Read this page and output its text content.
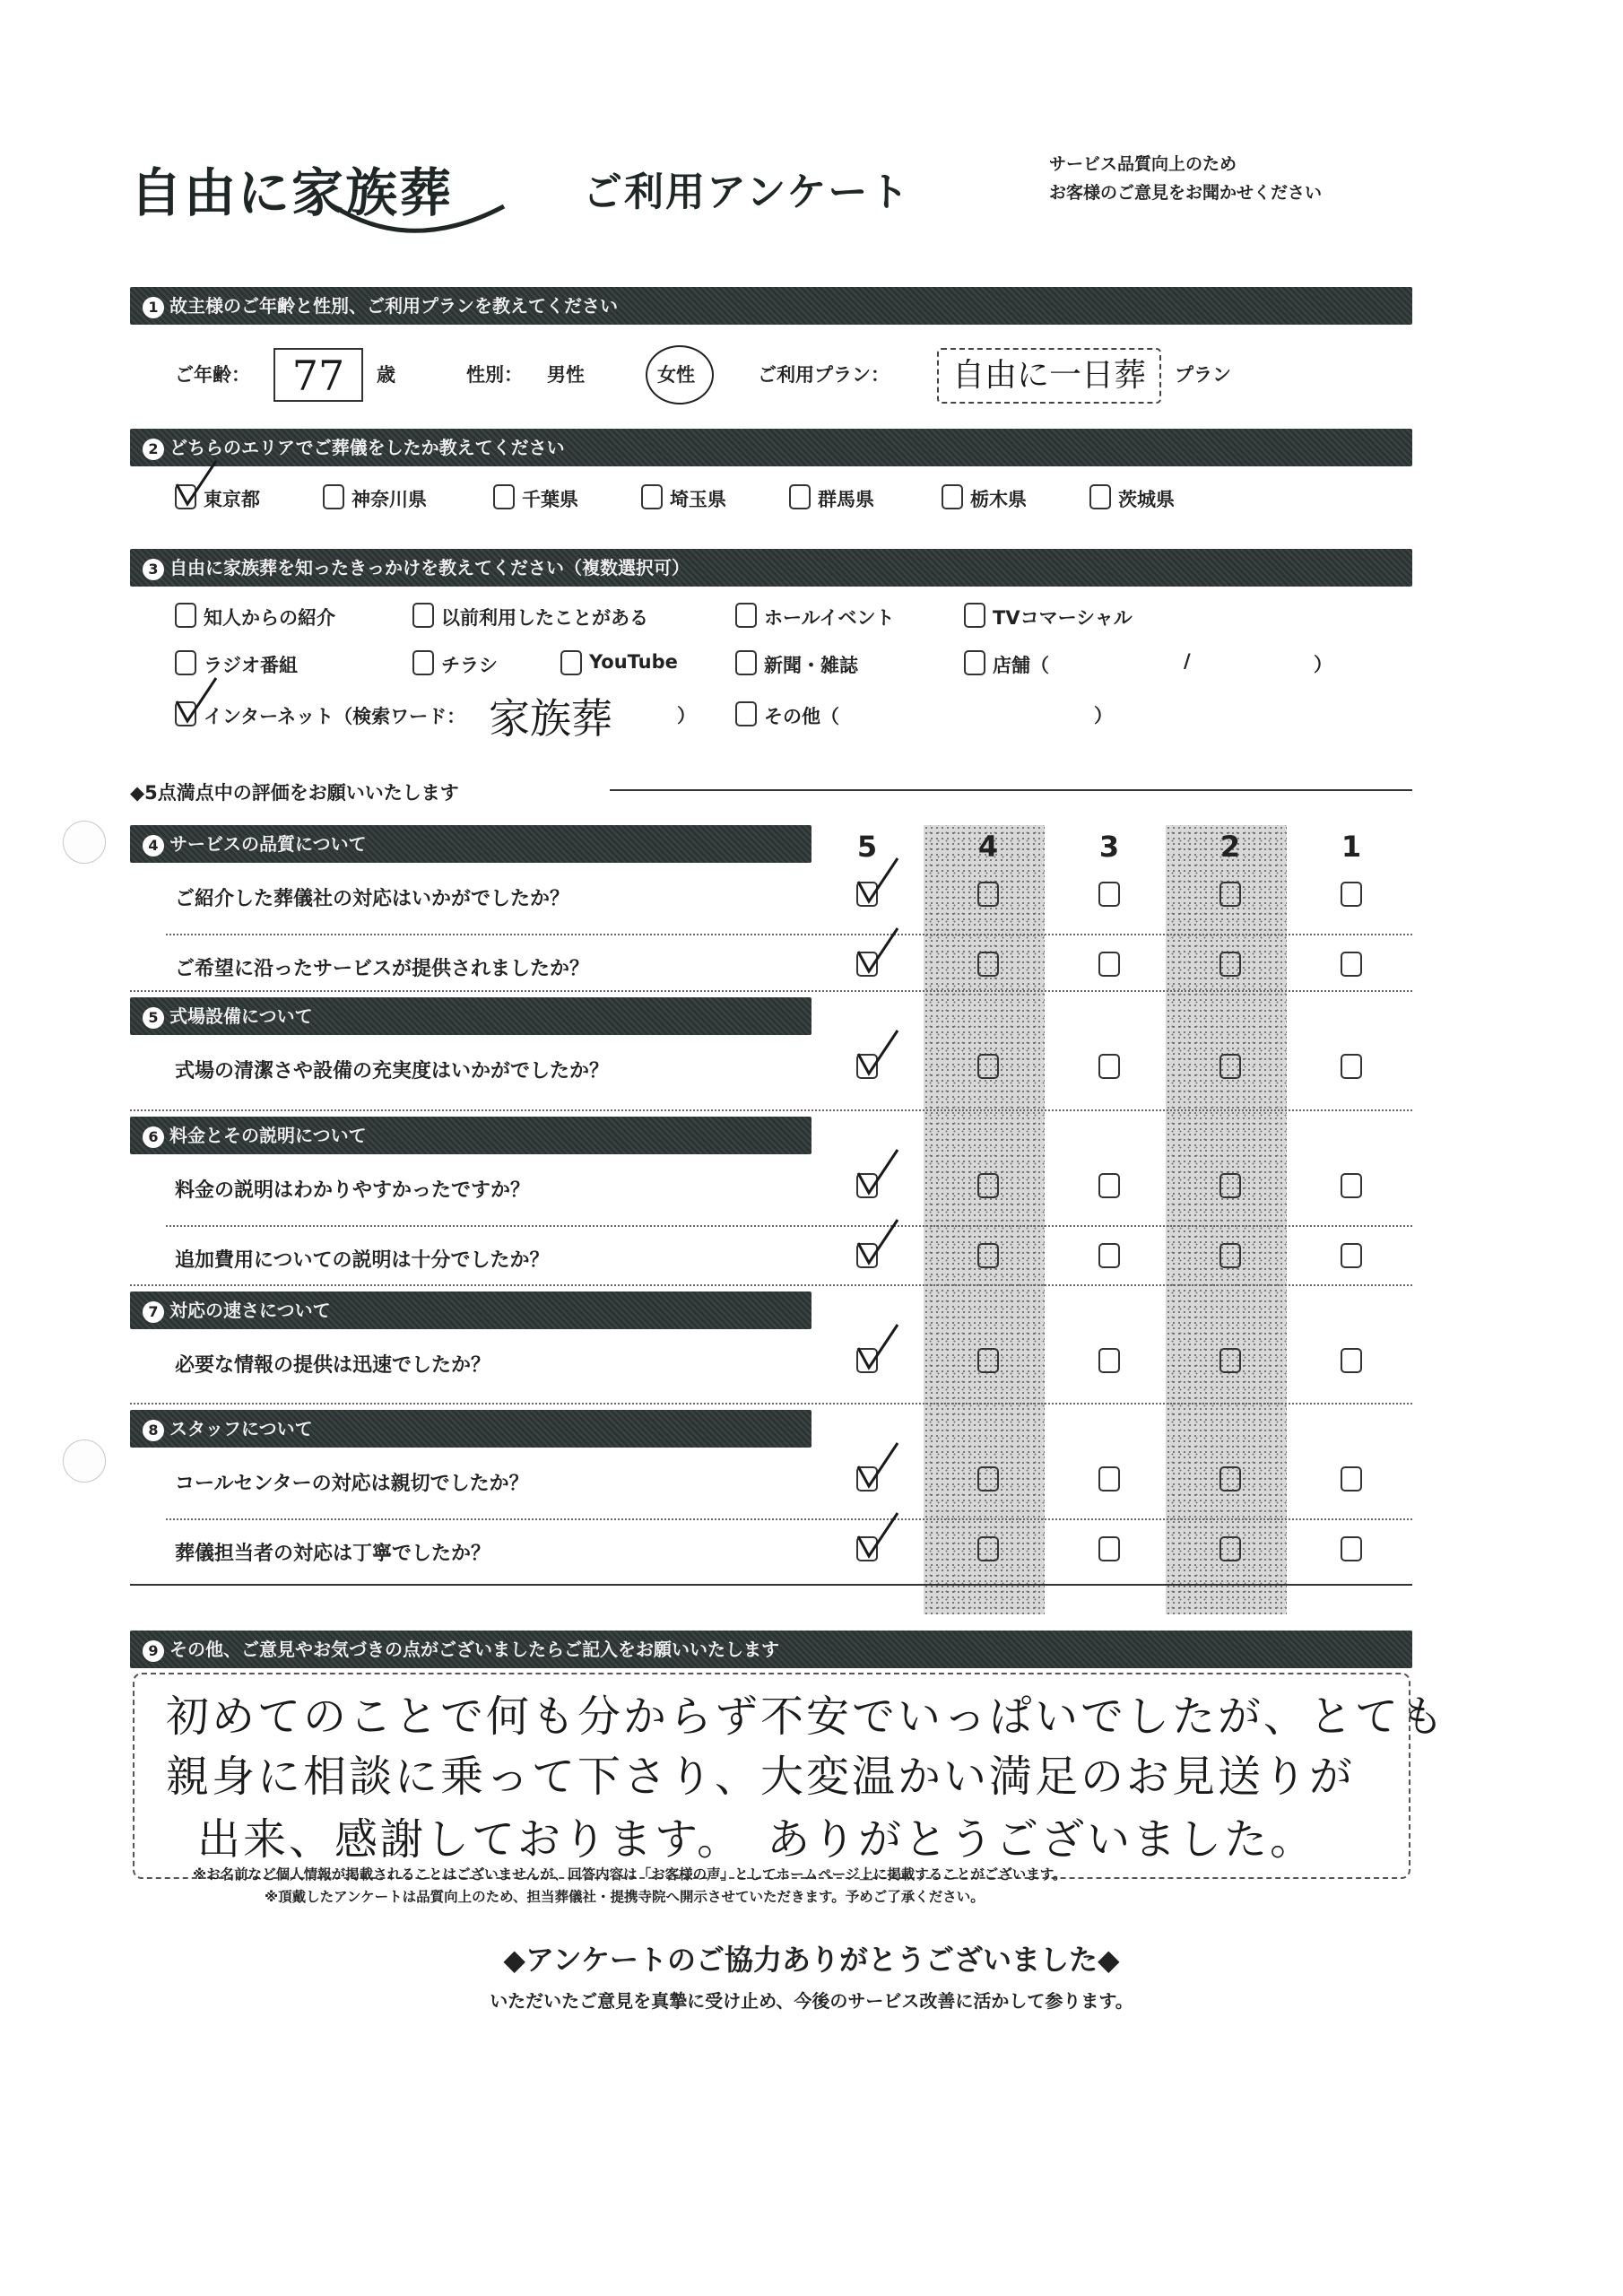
自由に家族葬	ご利用アンケート
サービス品質向上のため
お客様のご意見をお聞かせください
1 故主様のご年齢と性別、ご利用プランを教えてください
ご年齢：	77	歳	性別： 男性	女性	ご利用プラン：	自由に一日葬	プラン
2 どちらのエリアでご葬儀をしたか教えてください
東京都	神奈川県	千葉県	埼玉県	群馬県	栃木県	茨城県
3 自由に家族葬を知ったきっかけを教えてください（複数選択可）
知人からの紹介	以前利用したことがある	ホールイベント	TVコマーシャル
ラジオ番組	チラシ	YouTube	新聞・雑誌	店舗（
インターネット（検索ワード：	その他（
）
/
家族葬	）	）
◆5点満点中の評価をお願いいたします
5	4	3	2	1
4 サービスの品質について
ご紹介した葬儀社の対応はいかがでしたか？
ご希望に沿ったサービスが提供されましたか？
5 式場設備について
式場の清潔さや設備の充実度はいかがでしたか？
6 料金とその説明について
料金の説明はわかりやすかったですか？
追加費用についての説明は十分でしたか？
7 対応の速さについて
必要な情報の提供は迅速でしたか？
8 スタッフについて
コールセンターの対応は親切でしたか？
葬儀担当者の対応は丁寧でしたか？
9 その他、ご意見やお気づきの点がございましたらご記入をお願いいたします
初めてのことで何も分からず不安でいっぱいでしたが、とても
親身に相談に乗って下さり、大変温かい満足のお見送りが
出来、感謝しております。　ありがとうございました。
※お名前など個人情報が掲載されることはございませんが、回答内容は「お客様の声」としてホームページ上に掲載することがございます。
※頂戴したアンケートは品質向上のため、担当葬儀社・提携寺院へ開示させていただきます。予めご了承ください。
◆アンケートのご協力ありがとうございました◆
いただいたご意見を真摯に受け止め、今後のサービス改善に活かして参ります。
